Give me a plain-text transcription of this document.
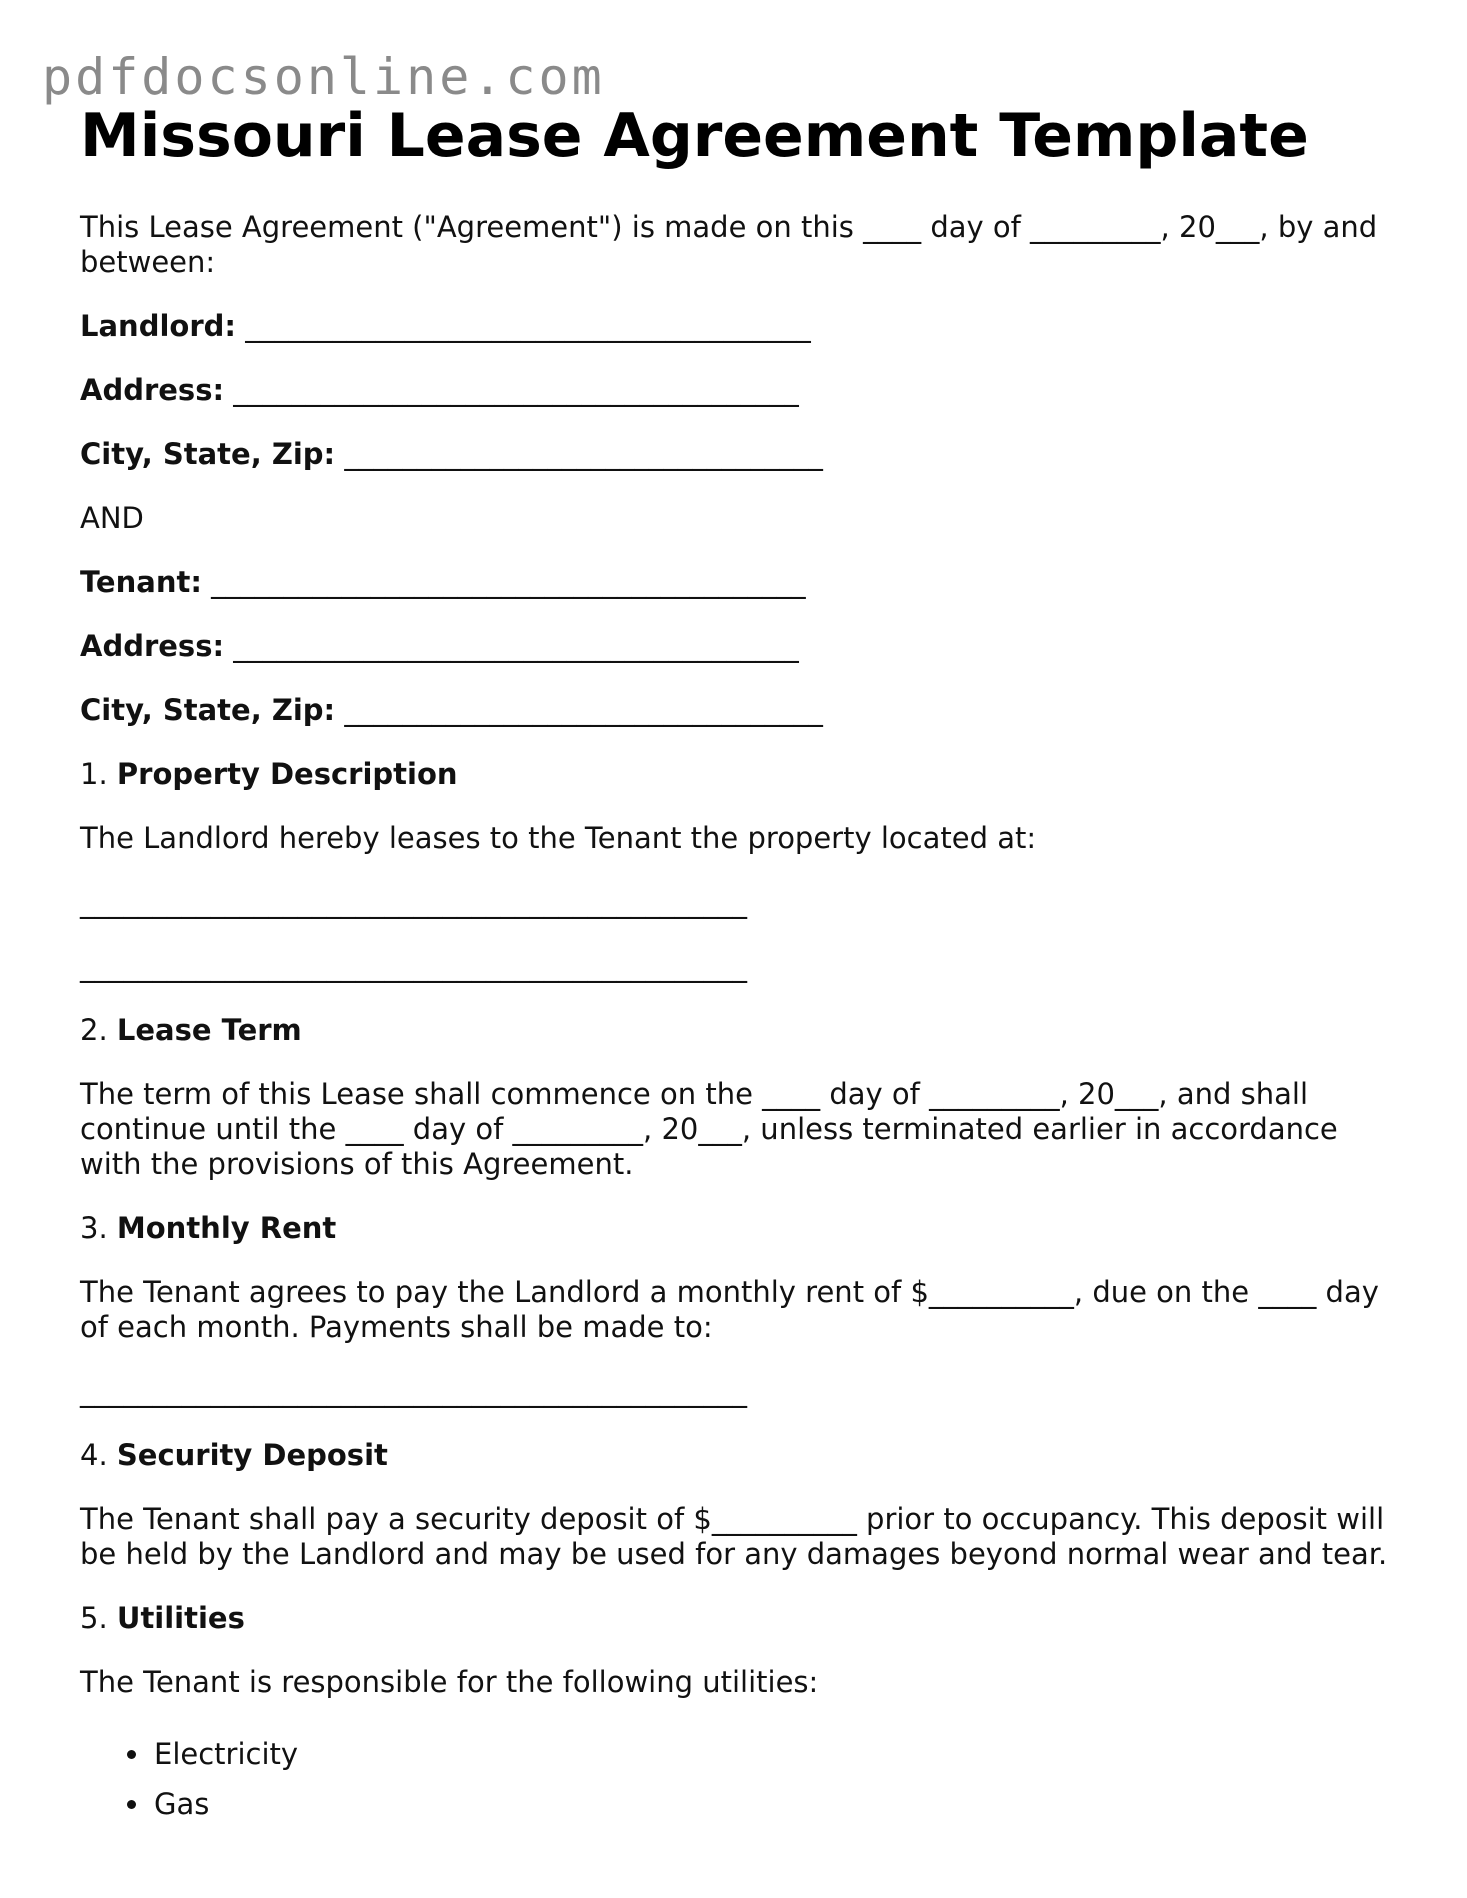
pdfdocsonline.com
Missouri Lease Agreement Template

This Lease Agreement ("Agreement") is made on this ____ day of _________, 20___, by and between:

Landlord: _______________________________________

Address: _______________________________________

City, State, Zip: _________________________________

AND

Tenant: _________________________________________

Address: _______________________________________

City, State, Zip: _________________________________

1. Property Description

The Landlord hereby leases to the Tenant the property located at:

______________________________________________

______________________________________________

2. Lease Term

The term of this Lease shall commence on the ____ day of _________, 20___, and shall continue until the ____ day of _________, 20___, unless terminated earlier in accordance with the provisions of this Agreement.

3. Monthly Rent

The Tenant agrees to pay the Landlord a monthly rent of $__________, due on the ____ day of each month. Payments shall be made to:

______________________________________________

4. Security Deposit

The Tenant shall pay a security deposit of $__________ prior to occupancy. This deposit will be held by the Landlord and may be used for any damages beyond normal wear and tear.

5. Utilities

The Tenant is responsible for the following utilities:

• Electricity
• Gas
